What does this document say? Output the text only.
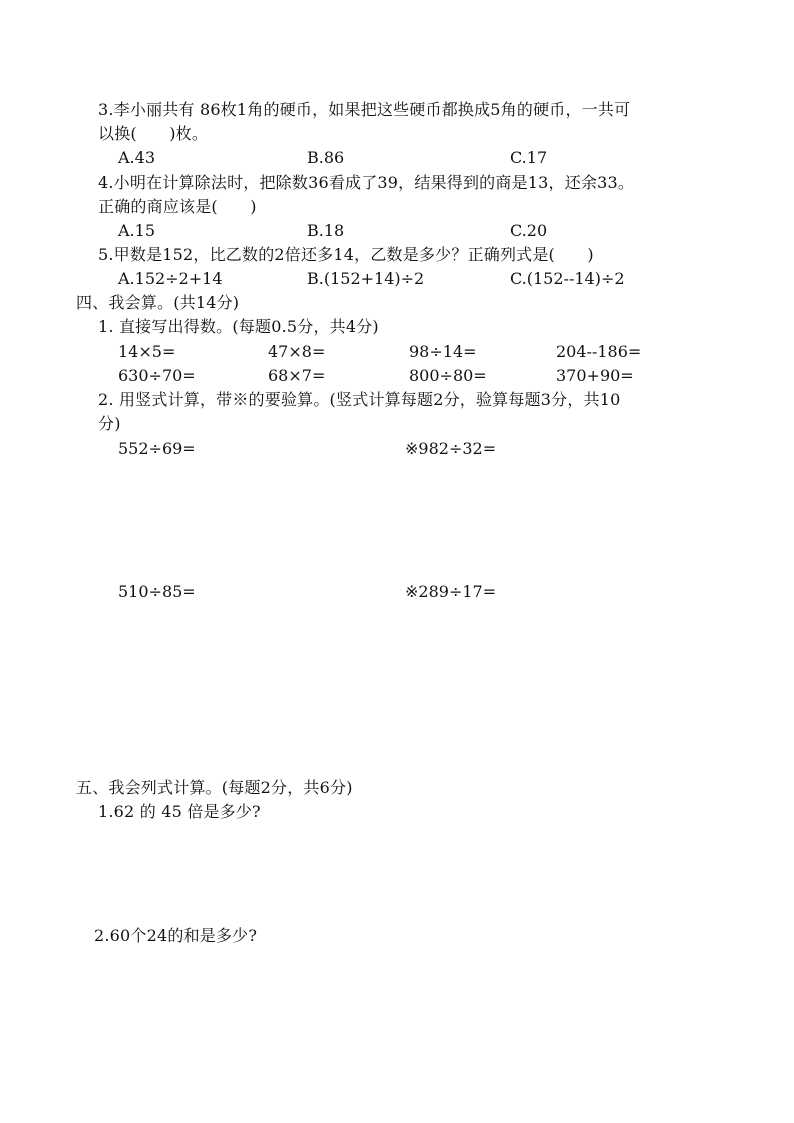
3.李小丽共有 86枚1角的硬币，如果把这些硬币都换成5角的硬币，一共可
以换(　　)枚。
A.43	B.86	C.17
4.小明在计算除法时，把除数36看成了39，结果得到的商是13，还余33。
正确的商应该是(　　)
A.15	B.18	C.20
5.甲数是152，比乙数的2倍还多14，乙数是多少？正确列式是(　　)
A.152÷2+14	B.(152+14)÷2	C.(152--14)÷2
四、我会算。(共14分)
1. 直接写出得数。(每题0.5分，共4分)
14×5=	47×8=	98÷14=	204--186=
630÷70=	68×7=	800÷80=	370+90=
2. 用竖式计算，带※的要验算。(竖式计算每题2分，验算每题3分，共10
分)
552÷69=	※982÷32=
510÷85=	※289÷17=
五、我会列式计算。(每题2分，共6分)
1.62 的 45 倍是多少?
2.60个24的和是多少?
